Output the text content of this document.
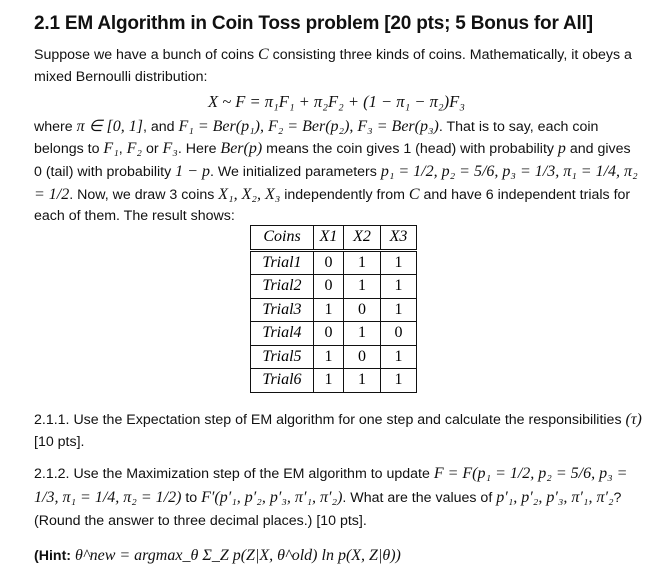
2.1 EM Algorithm in Coin Toss problem [20 pts; 5 Bonus for All]

Suppose we have a bunch of coins C consisting three kinds of coins. Mathematically, it obeys a mixed Bernoulli distribution:

X ~ F = π₁F₁ + π₂F₂ + (1 − π₁ − π₂)F₃

where π ∈ [0, 1], and F₁ = Ber(p₁), F₂ = Ber(p₂), F₃ = Ber(p₃). That is to say, each coin belongs to F₁, F₂ or F₃. Here Ber(p) means the coin gives 1 (head) with probability p and gives 0 (tail) with probability 1 − p. We initialized parameters p₁ = 1/2, p₂ = 5/6, p₃ = 1/3, π₁ = 1/4, π₂ = 1/2. Now, we draw 3 coins X₁, X₂, X₃ independently from C and have 6 independent trials for each of them. The result shows:

Coins	X1	X2	X3
Trial1	0	1	1
Trial2	0	1	1
Trial3	1	0	1
Trial4	0	1	0
Trial5	1	0	1
Trial6	1	1	1
2.1.1. Use the Expectation step of EM algorithm for one step and calculate the responsibilities (τ) [10 pts].
2.1.2. Use the Maximization step of the EM algorithm to update F = F(p₁ = 1/2, p₂ = 5/6, p₃ = 1/3, π₁ = 1/4, π₂ = 1/2) to F′(p′₁, p′₂, p′₃, π′₁, π′₂). What are the values of p′₁, p′₂, p′₃, π′₁, π′₂? (Round the answer to three decimal places.) [10 pts].
(Hint: θ^new = argmax_θ Σ_Z p(Z|X, θ^old) ln p(X, Z|θ))
